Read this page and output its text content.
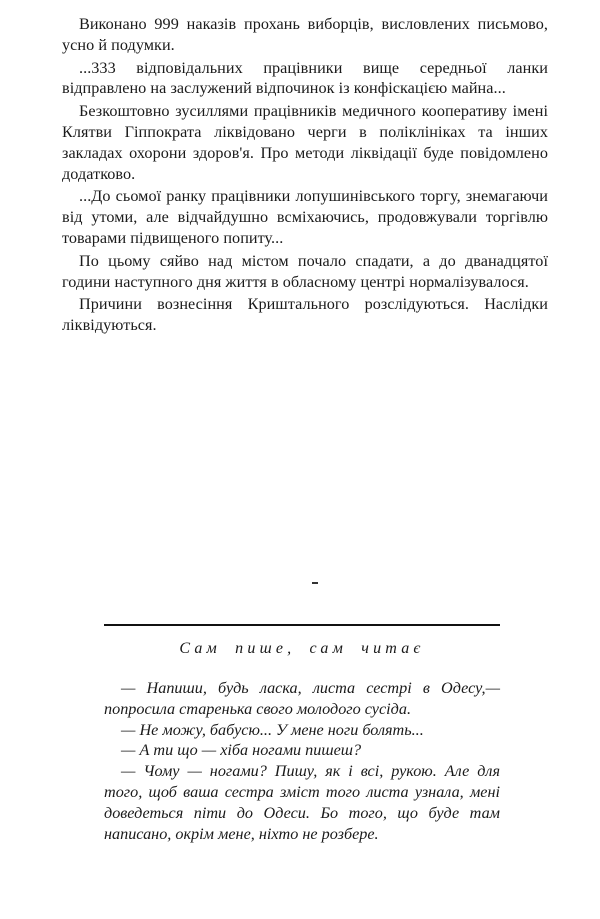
Виконано 999 наказів прохань виборців, висловлених письмово, усно й подумки.

...333 відповідальних працівники вище середньої ланки відправлено на заслужений відпочинок із конфіскацією майна...

Безкоштовно зусиллями працівників медичного кооперативу імені Клятви Гіппократа ліквідовано черги в поліклініках та інших закладах охорони здоров'я. Про методи ліквідації буде повідомлено додатково.

...До сьомої ранку працівники лопушинівського торгу, знемагаючи від утоми, але відчайдушно всміхаючись, продовжували торгівлю товарами підвищеного попиту...

По цьому сяйво над містом почало спадати, а до дванадцятої години наступного дня життя в обласному центрі нормалізувалося.

Причини вознесіння Криштального розслідуються. Наслідки ліквідуються.

Сам пише, сам читає

— Напиши, будь ласка, листа сестрі в Одесу,— попросила старенька свого молодого сусіда.

— Не можу, бабусю... У мене ноги болять...

— А ти що — хіба ногами пишеш?

— Чому — ногами? Пишу, як і всі, рукою. Але для того, щоб ваша сестра зміст того листа узнала, мені доведеться піти до Одеси. Бо того, що буде там написано, окрім мене, ніхто не розбере.
